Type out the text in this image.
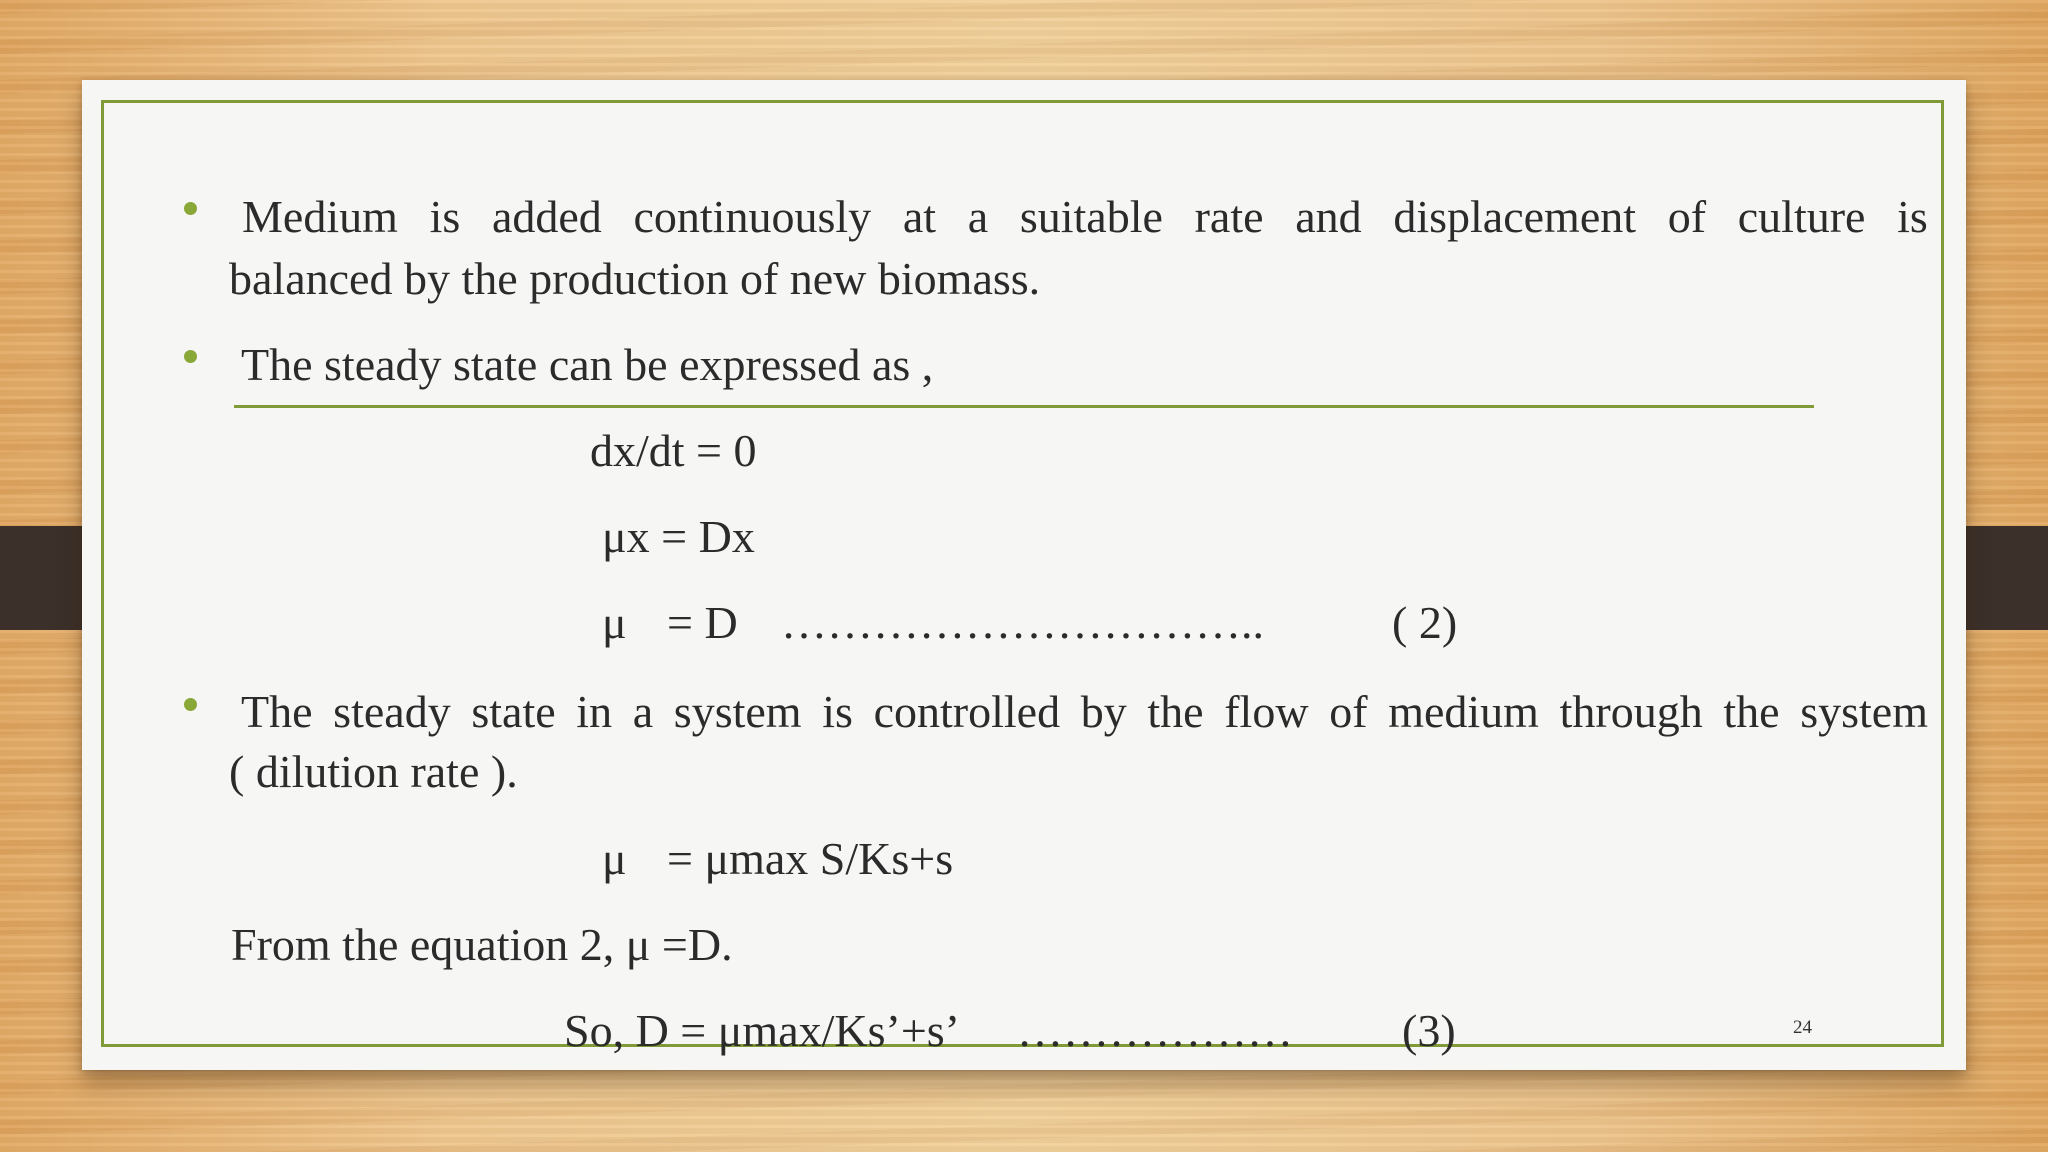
Medium is added continuously at a suitable rate and displacement of culture is
balanced by the production of new biomass.
The steady state can be expressed as ,
dx/dt = 0
μx = Dx
μ = D …………………………..	( 2)
The steady state in a system is controlled by the flow of medium through the system
( dilution rate ).
μ = μmax S/Ks+s
From the equation 2, μ =D.
So, D = μmax/Ks’+s’ ……………… (3)	24
